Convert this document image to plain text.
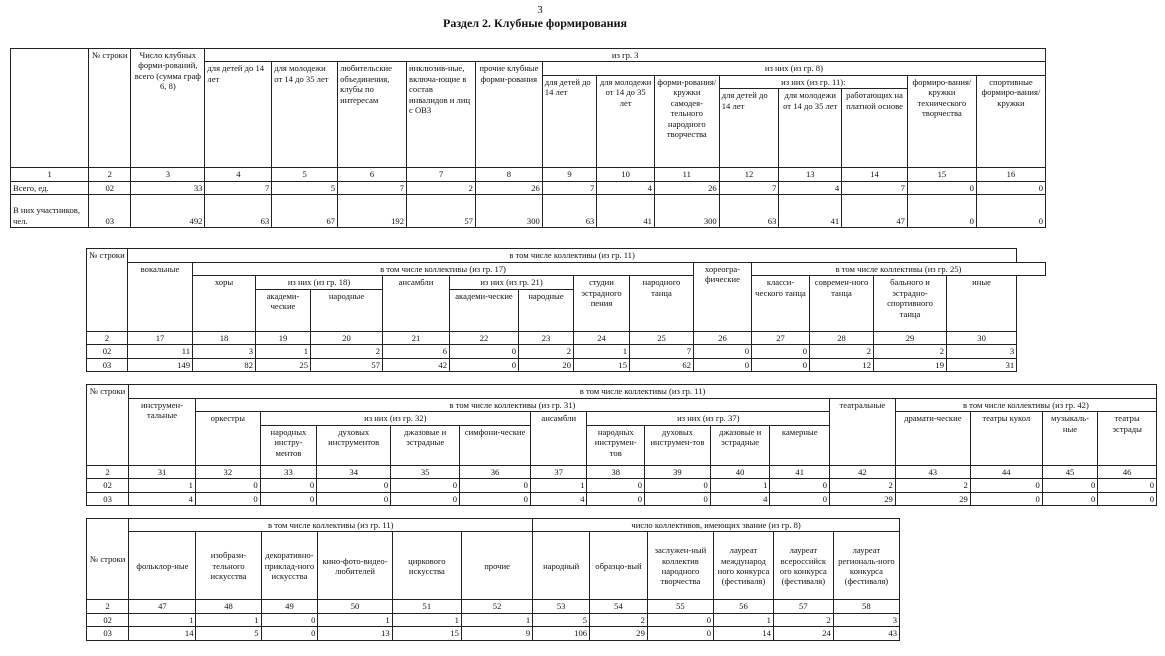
3
Раздел 2. Клубные формирования
	№ строки	Число клубных форми-рований, всего (сумма граф 6, 8)	из гр. 3												
			для детей до 14 лет	для молодежи от 14 до 35 лет	любительские объединения, клубы по интересам	инклюзив-ные, включа-ющие в состав инвалидов и лиц с ОВЗ	прочие клубные форми-рования	из них (из гр. 8)							
								для детей до 14 лет	для молодежи от 14 до 35 лет	форми-рования/ кружки самодея-тельного народного творчества	из них (из гр. 11):			формиро-вания/кружки технического творчества	спортивные формиро-вания/кружки
											для детей до 14 лет	для молодежи от 14 до 35 лет	работающих на платной основе		
1	2	3	4	5	6	7	8	9	10	11	12	13	14	15	16
Всего, ед.	02	33	7	5	7	2	26	7	4	26	7	4	7	0	0
В них участников, чел.	03	492	63	67	192	57	300	63	41	300	63	41	47	0	0
№ строки	в том числе коллективы (из гр. 11)													
	вокальные	в том числе коллективы (из гр. 17)								хореогра-фические	в том числе коллективы (из гр. 25)			
		хоры	из них (из гр. 18)		ансамбли	из них (из гр. 21)		студии эстрадного пения	народного танца		класси-ческого танца	современ-ного танца	бального и эстрадно-спортивного танца	иные
			академи-ческие	народные		академи-ческие	народные							
2	17	18	19	20	21	22	23	24	25	26	27	28	29	30
02	11	3	1	2	6	0	2	1	7	0	0	2	2	3
03	149	82	25	57	42	0	20	15	62	0	0	12	19	31
№ строки	в том числе коллективы (из гр. 11)															
	инструмен-тальные	в том числе коллективы (из гр. 31)										театральные	в том числе коллективы (из гр. 42)			
		оркестры	из них (из гр. 32)				ансамбли	из них (из гр. 37)					драмати-ческие	театры кукол	музыкаль-ные	театры эстрады
			народных инстру-ментов	духовых инструментов	джазовые и эстрадные	симфони-ческие		народных инструмен-тов	духовых инструмен-тов	джазовые и эстрадные	камерные					
2	31	32	33	34	35	36	37	38	39	40	41	42	43	44	45	46
02	1	0	0	0	0	0	1	0	0	1	0	2	2	0	0	0
03	4	0	0	0	0	0	4	0	0	4	0	29	29	0	0	0
№ строки	в том числе коллективы (из гр. 11)						число коллективов, имеющих звание (из гр. 8)					
	фольклор-ные	изобрази-тельного искусства	декоративно-приклад-ного искусства	кино-фото-видео-любителей	циркового искусства	прочие	народный	образцо-вый	заслужен-ный коллектив народного творчества	лауреат международ ного конкурса (фестиваля)	лауреат всероссийск ого конкурса (фестиваля)	лауреат региональ-ного конкурса (фестиваля)
2	47	48	49	50	51	52	53	54	55	56	57	58
02	1	1	0	1	1	1	5	2	0	1	2	3
03	14	5	0	13	15	9	106	29	0	14	24	43
